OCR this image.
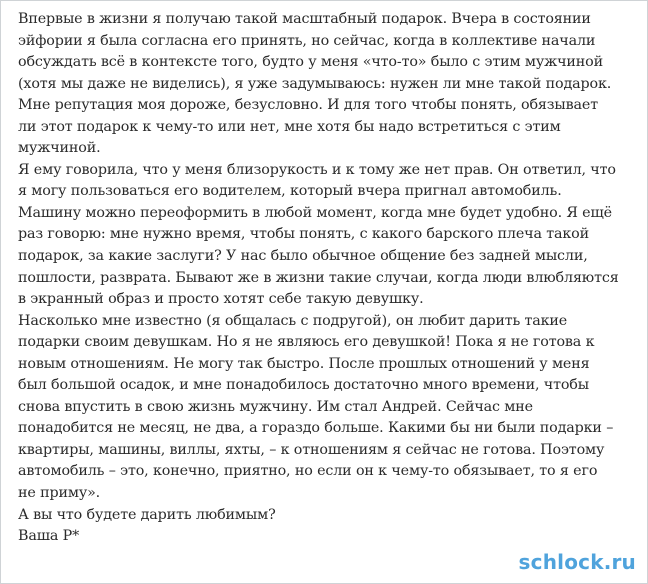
Впервые в жизни я получаю такой масштабный подарок. Вчера в состоянии
эйфории я была согласна его принять, но сейчас, когда в коллективе начали
обсуждать всё в контексте того, будто у меня «что-то» было с этим мужчиной
(хотя мы даже не виделись), я уже задумываюсь: нужен ли мне такой подарок.
Мне репутация моя дороже, безусловно. И для того чтобы понять, обязывает
ли этот подарок к чему-то или нет, мне хотя бы надо встретиться с этим
мужчиной.
Я ему говорила, что у меня близорукость и к тому же нет прав. Он ответил, что
я могу пользоваться его водителем, который вчера пригнал автомобиль.
Машину можно переоформить в любой момент, когда мне будет удобно. Я ещё
раз говорю: мне нужно время, чтобы понять, с какого барского плеча такой
подарок, за какие заслуги? У нас было обычное общение без задней мысли,
пошлости, разврата. Бывают же в жизни такие случаи, когда люди влюбляются
в экранный образ и просто хотят себе такую девушку.
Насколько мне известно (я общалась с подругой), он любит дарить такие
подарки своим девушкам. Но я не являюсь его девушкой! Пока я не готова к
новым отношениям. Не могу так быстро. После прошлых отношений у меня
был большой осадок, и мне понадобилось достаточно много времени, чтобы
снова впустить в свою жизнь мужчину. Им стал Андрей. Сейчас мне
понадобится не месяц, не два, а гораздо больше. Какими бы ни были подарки –
квартиры, машины, виллы, яхты, – к отношениям я сейчас не готова. Поэтому
автомобиль – это, конечно, приятно, но если он к чему-то обязывает, то я его
не приму».
А вы что будете дарить любимым?
Ваша Р*
schlock.ru
